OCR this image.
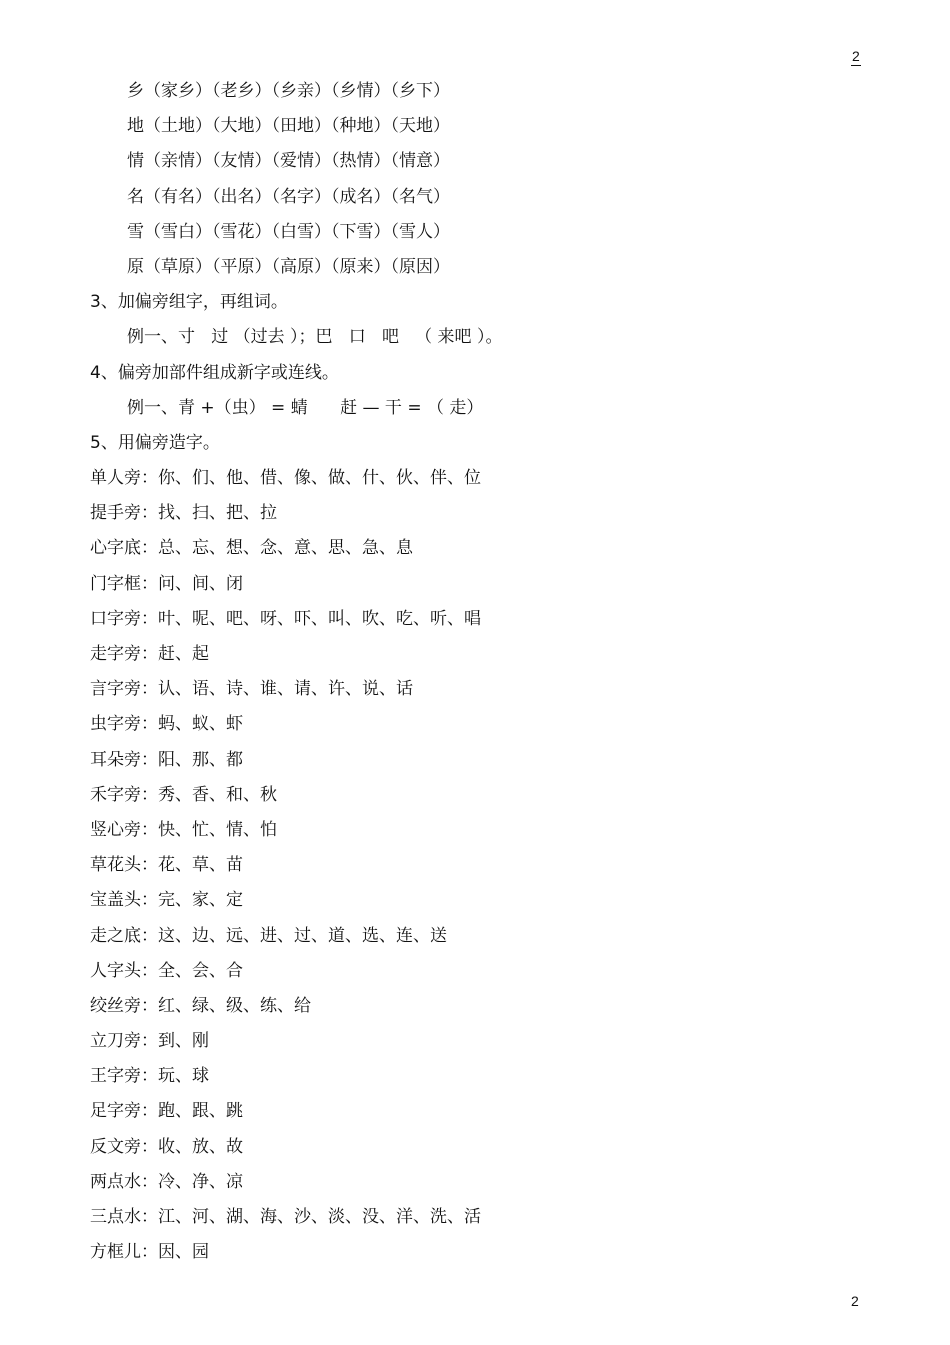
2
乡（家乡）（老乡）（乡亲）（乡情）（乡下）
地（土地）（大地）（田地）（种地）（天地）
情（亲情）（友情）（爱情）（热情）（情意）
名（有名）（出名）（名字）（成名）（名气）
雪（雪白）（雪花）（白雪）（下雪）（雪人）
原（草原）（平原）（高原）（原来）（原因）
3、加偏旁组字，再组词。
例一、寸   过 （过去 ）；巴   口   吧   （ 来吧 ）。
4、偏旁加部件组成新字或连线。
例一、青 +（虫） = 蜻      赶 — 干 = （ 走）
5、用偏旁造字。
单人旁：你、们、他、借、像、做、什、伙、伴、位
提手旁：找、扫、把、拉
心字底：总、忘、想、念、意、思、急、息
门字框：问、间、闭
口字旁：叶、呢、吧、呀、吓、叫、吹、吃、听、唱
走字旁：赶、起
言字旁：认、语、诗、谁、请、许、说、话
虫字旁：蚂、蚁、虾
耳朵旁：阳、那、都
禾字旁：秀、香、和、秋
竖心旁：快、忙、情、怕
草花头：花、草、苗
宝盖头：完、家、定
走之底：这、边、远、进、过、道、选、连、送
人字头：全、会、合
绞丝旁：红、绿、级、练、给
立刀旁：到、刚
王字旁：玩、球
足字旁：跑、跟、跳
反文旁：收、放、故
两点水：冷、净、凉
三点水：江、河、湖、海、沙、淡、没、洋、洗、活
方框儿：因、园
2
